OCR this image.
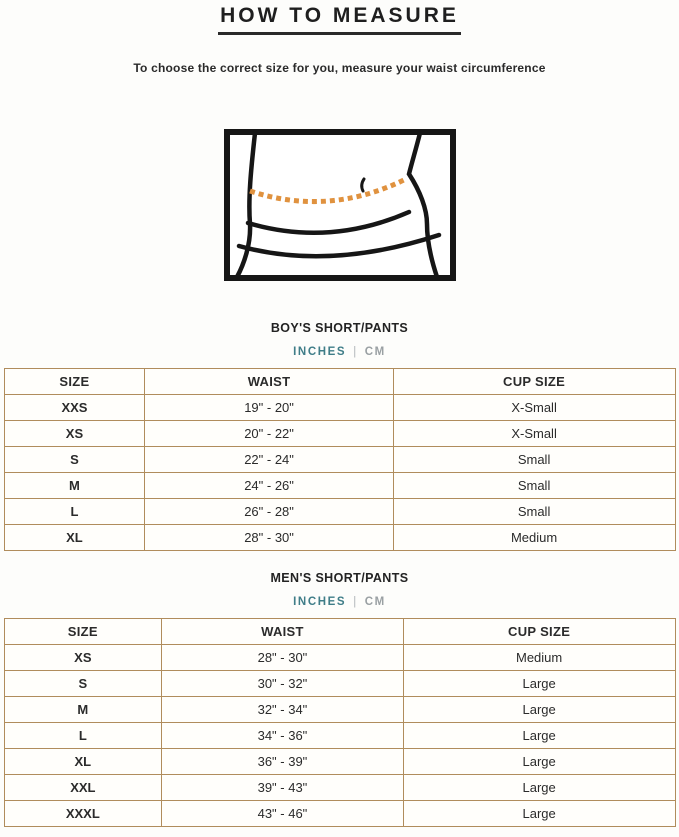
HOW TO MEASURE

To choose the correct size for you, measure your waist circumference

BOY'S SHORT/PANTS
INCHES | CM
SIZE	WAIST	CUP SIZE
XXS	19" - 20"	X-Small
XS	20" - 22"	X-Small
S	22" - 24"	Small
M	24" - 26"	Small
L	26" - 28"	Small
XL	28" - 30"	Medium
MEN'S SHORT/PANTS
INCHES | CM
SIZE	WAIST	CUP SIZE
XS	28" - 30"	Medium
S	30" - 32"	Large
M	32" - 34"	Large
L	34" - 36"	Large
XL	36" - 39"	Large
XXL	39" - 43"	Large
XXXL	43" - 46"	Large
